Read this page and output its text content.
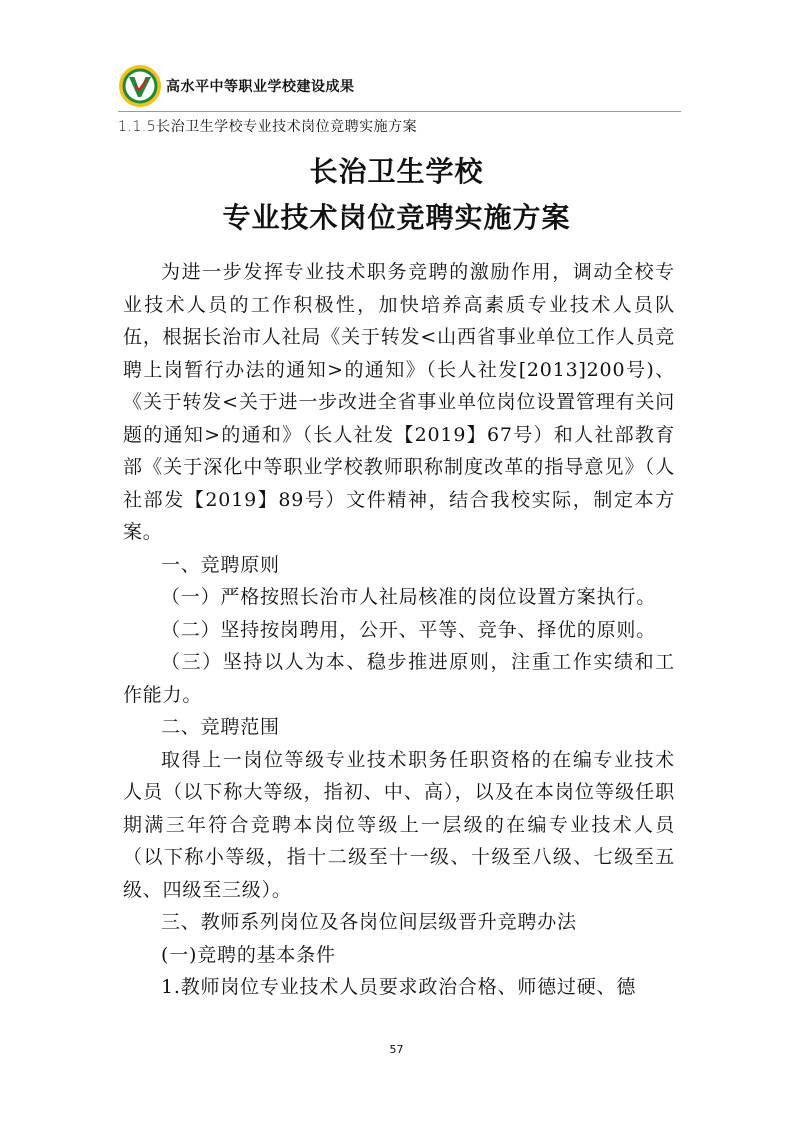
高水平中等职业学校建设成果
1.1.5长治卫生学校专业技术岗位竞聘实施方案
长治卫生学校
专业技术岗位竞聘实施方案

为进一步发挥专业技术职务竞聘的激励作用，调动全校专业技术人员的工作积极性，加快培养高素质专业技术人员队伍，根据长治市人社局《关于转发<山西省事业单位工作人员竞聘上岗暂行办法的通知>的通知》（长人社发[2013]200号)、《关于转发<关于进一步改进全省事业单位岗位设置管理有关问题的通知>的通和》（长人社发【2019】67号）和人社部教育部《关于深化中等职业学校教师职称制度改革的指导意见》（人社部发【2019】89号）文件精神，结合我校实际，制定本方案。

一、竞聘原则

（一）严格按照长治市人社局核准的岗位设置方案执行。

（二）坚持按岗聘用，公开、平等、竞争、择优的原则。

（三）坚持以人为本、稳步推进原则，注重工作实绩和工作能力。

二、竞聘范围

取得上一岗位等级专业技术职务任职资格的在编专业技术人员（以下称大等级，指初、中、高），以及在本岗位等级任职期满三年符合竞聘本岗位等级上一层级的在编专业技术人员（以下称小等级，指十二级至十一级、十级至八级、七级至五级、四级至三级）。

三、教师系列岗位及各岗位间层级晋升竞聘办法

(一)竞聘的基本条件

1.教师岗位专业技术人员要求政治合格、师德过硬、德

57
